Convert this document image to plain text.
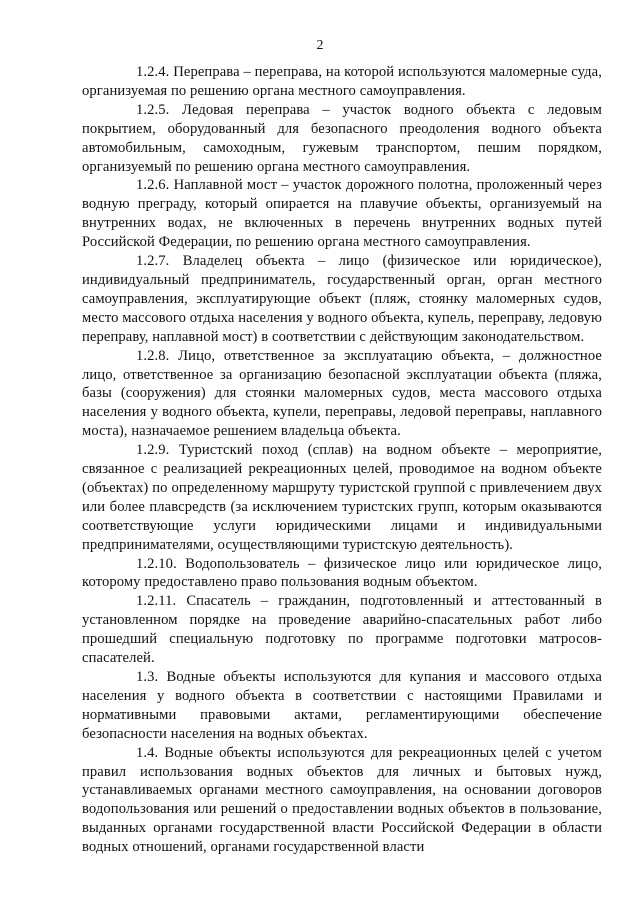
2

1.2.4. Переправа – переправа, на которой используются маломерные суда, организуемая по решению органа местного самоуправления.

1.2.5. Ледовая переправа – участок водного объекта с ледовым покрытием, оборудованный для безопасного преодоления водного объекта автомобильным, самоходным, гужевым транспортом, пешим порядком, организуемый по решению органа местного самоуправления.

1.2.6. Наплавной мост – участок дорожного полотна, проложенный через водную преграду, который опирается на плавучие объекты, организуемый на внутренних водах, не включенных в перечень внутренних водных путей Российской Федерации, по решению органа местного самоуправления.

1.2.7. Владелец объекта – лицо (физическое или юридическое), индивидуальный предприниматель, государственный орган, орган местного самоуправления, эксплуатирующие объект (пляж, стоянку маломерных судов, место массового отдыха населения у водного объекта, купель, переправу, ледовую переправу, наплавной мост) в соответствии с действующим законодательством.

1.2.8. Лицо, ответственное за эксплуатацию объекта, – должностное лицо, ответственное за организацию безопасной эксплуатации объекта (пляжа, базы (сооружения) для стоянки маломерных судов, места массового отдыха населения у водного объекта, купели, переправы, ледовой переправы, наплавного моста), назначаемое решением владельца объекта.

1.2.9. Туристский поход (сплав) на водном объекте – мероприятие, связанное с реализацией рекреационных целей, проводимое на водном объекте (объектах) по определенному маршруту туристской группой с привлечением двух или более плавсредств (за исключением туристских групп, которым оказываются соответствующие услуги юридическими лицами и индивидуальными предпринимателями, осуществляющими туристскую деятельность).

1.2.10. Водопользователь – физическое лицо или юридическое лицо, которому предоставлено право пользования водным объектом.

1.2.11. Спасатель – гражданин, подготовленный и аттестованный в установленном порядке на проведение аварийно-спасательных работ либо прошедший специальную подготовку по программе подготовки матросов-спасателей.

1.3. Водные объекты используются для купания и массового отдыха населения у водного объекта в соответствии с настоящими Правилами и нормативными правовыми актами, регламентирующими обеспечение безопасности населения на водных объектах.

1.4. Водные объекты используются для рекреационных целей с учетом правил использования водных объектов для личных и бытовых нужд, устанавливаемых органами местного самоуправления, на основании договоров водопользования или решений о предоставлении водных объектов в пользование, выданных органами государственной власти Российской Федерации в области водных отношений, органами государственной власти
